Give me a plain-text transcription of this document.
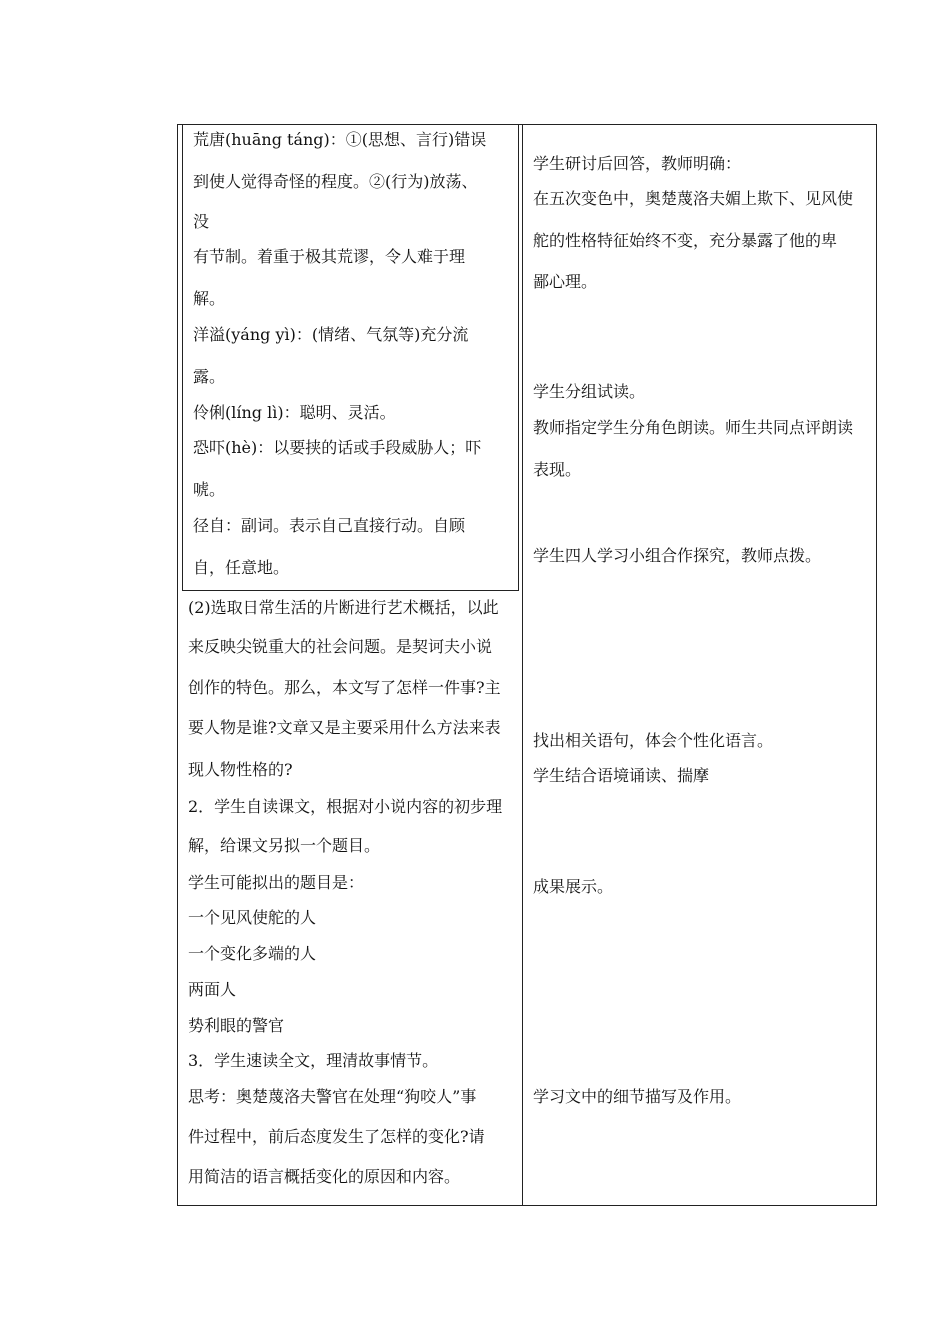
荒唐(huāng táng)：①(思想、言行)错误
到使人觉得奇怪的程度。②(行为)放荡、
没
有节制。着重于极其荒谬，令人难于理
解。
洋溢(yáng yì)：(情绪、气氛等)充分流
露。
伶俐(líng lì)：聪明、灵活。
恐吓(hè)：以要挟的话或手段威胁人；吓
唬。
径自：副词。表示自己直接行动。自顾
自，任意地。
(2)选取日常生活的片断进行艺术概括，以此
来反映尖锐重大的社会问题。是契诃夫小说
创作的特色。那么，本文写了怎样一件事?主
要人物是谁?文章又是主要采用什么方法来表
现人物性格的?
2．学生自读课文，根据对小说内容的初步理
解，给课文另拟一个题目。
学生可能拟出的题目是：
一个见风使舵的人
一个变化多端的人
两面人
势利眼的警官
3．学生速读全文，理清故事情节。
思考：奥楚蔑洛夫警官在处理“狗咬人”事
件过程中，前后态度发生了怎样的变化?请
用简洁的语言概括变化的原因和内容。
学生研讨后回答，教师明确：
在五次变色中，奥楚蔑洛夫媚上欺下、见风使
舵的性格特征始终不变，充分暴露了他的卑
鄙心理。
学生分组试读。
教师指定学生分角色朗读。师生共同点评朗读
表现。
学生四人学习小组合作探究，教师点拨。
找出相关语句，体会个性化语言。
学生结合语境诵读、揣摩
成果展示。
学习文中的细节描写及作用。
